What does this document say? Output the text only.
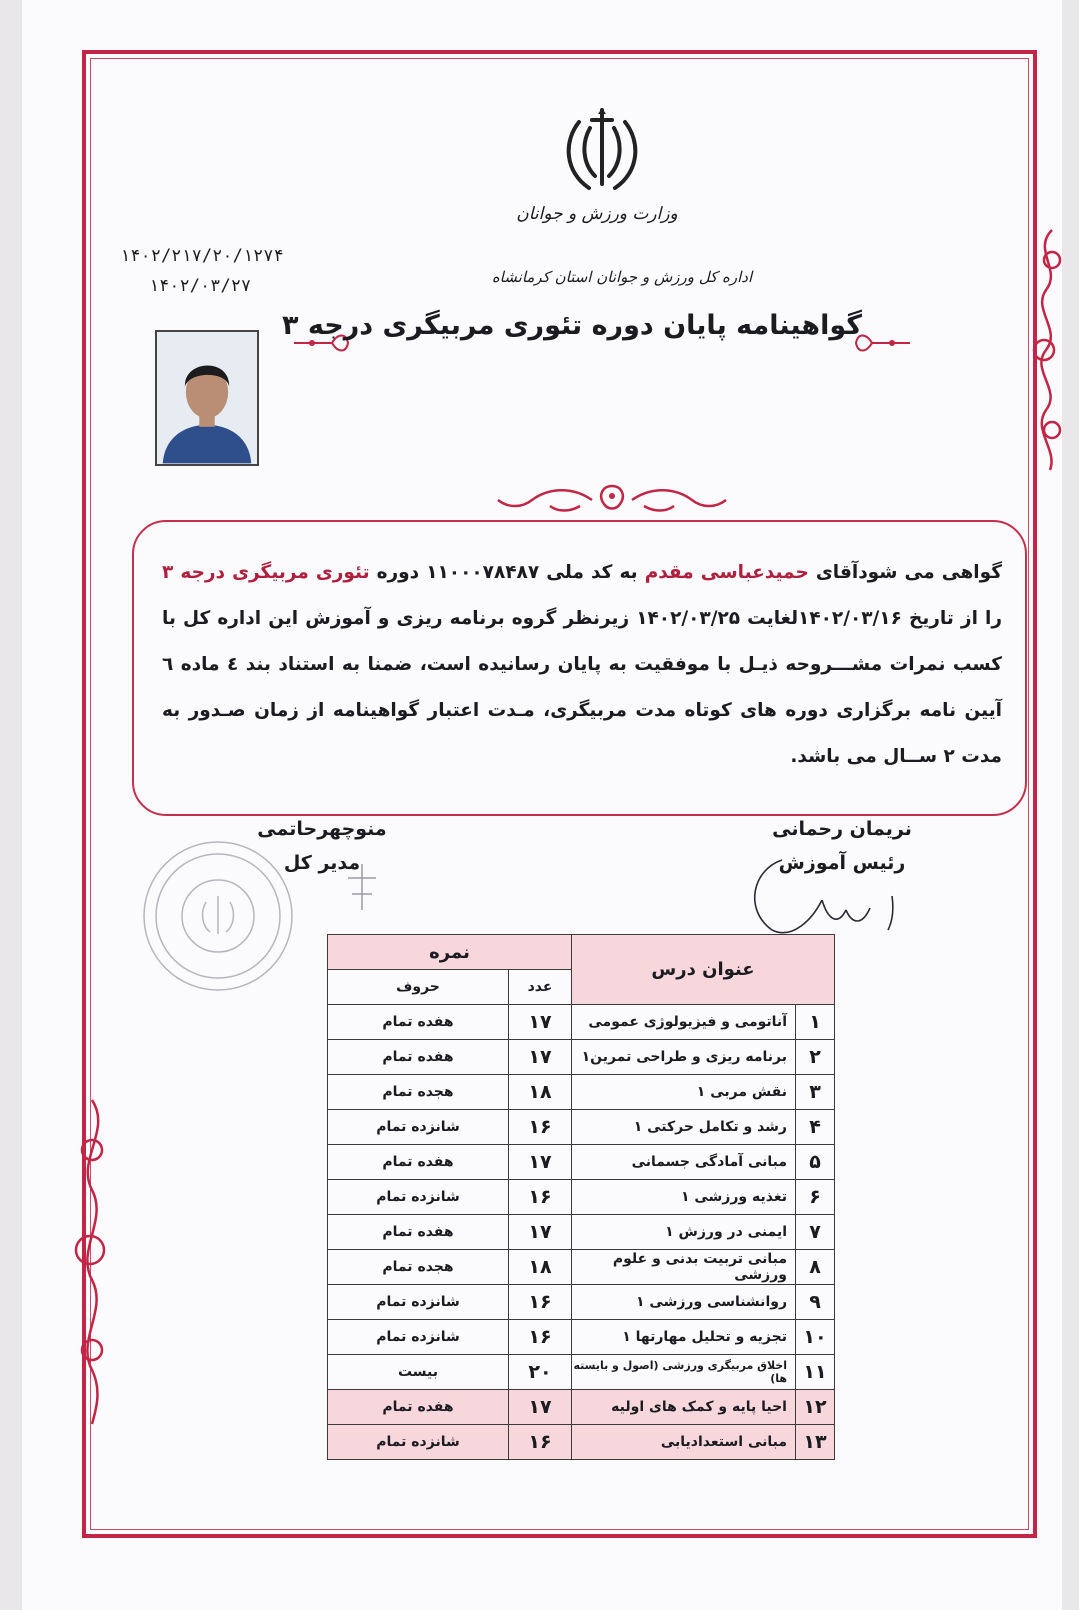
وزارت ورزش و جوانان
اداره کل ورزش و جوانان استان کرمانشاه
۱۴۰۲/۲۱۷/۲۰/۱۲۷۴
۱۴۰۲/۰۳/۲۷
گواهینامه پایان دوره تئوری مربیگری درجه ۳
گواهی می شودآقای حمیدعباسی مقدم به کد ملی ۱۱۰۰۰۷۸۴۸۷ دوره تئوری مربیگری درجه ۳ را از تاریخ ۱۴۰۲/۰۳/۱۶لغایت ۱۴۰۲/۰۳/۲۵ زیرنظر گروه برنامه ریزی و آموزش این اداره کل با کسب نمرات مشـــروحه ذیـل با موفقیت به پایان رسانیده است، ضمنا به استناد بند ٤ ماده ٦ آیین نامه برگزاری دوره های کوتاه مدت مربیگری، مـدت اعتبار گواهینامه از زمان صـدور به مدت ۲ ســال می باشد.
منوچهرحاتمی
مدیر کل
نریمان رحمانی
رئیس آموزش
عنوان درس		نمره	
		عدد	حروف
۱	آناتومی و فیزیولوژی عمومی	۱۷	هفده تمام
۲	برنامه ریزی و طراحی تمرین۱	۱۷	هفده تمام
۳	نقش مربی ۱	۱۸	هجده تمام
۴	رشد و تکامل حرکتی ۱	۱۶	شانزده تمام
۵	مبانی آمادگی جسمانی	۱۷	هفده تمام
۶	تغذیه ورزشی ۱	۱۶	شانزده تمام
۷	ایمنی در ورزش ۱	۱۷	هفده تمام
۸	مبانی تربیت بدنی و علوم ورزشی	۱۸	هجده تمام
۹	روانشناسی ورزشی ۱	۱۶	شانزده تمام
۱۰	تجزیه و تحلیل مهارتها ۱	۱۶	شانزده تمام
۱۱	اخلاق مربیگری ورزشی (اصول و بایسته ها)	۲۰	بیست
۱۲	احیا پایه و کمک های اولیه	۱۷	هفده تمام
۱۳	مبانی استعدادیابی	۱۶	شانزده تمام
